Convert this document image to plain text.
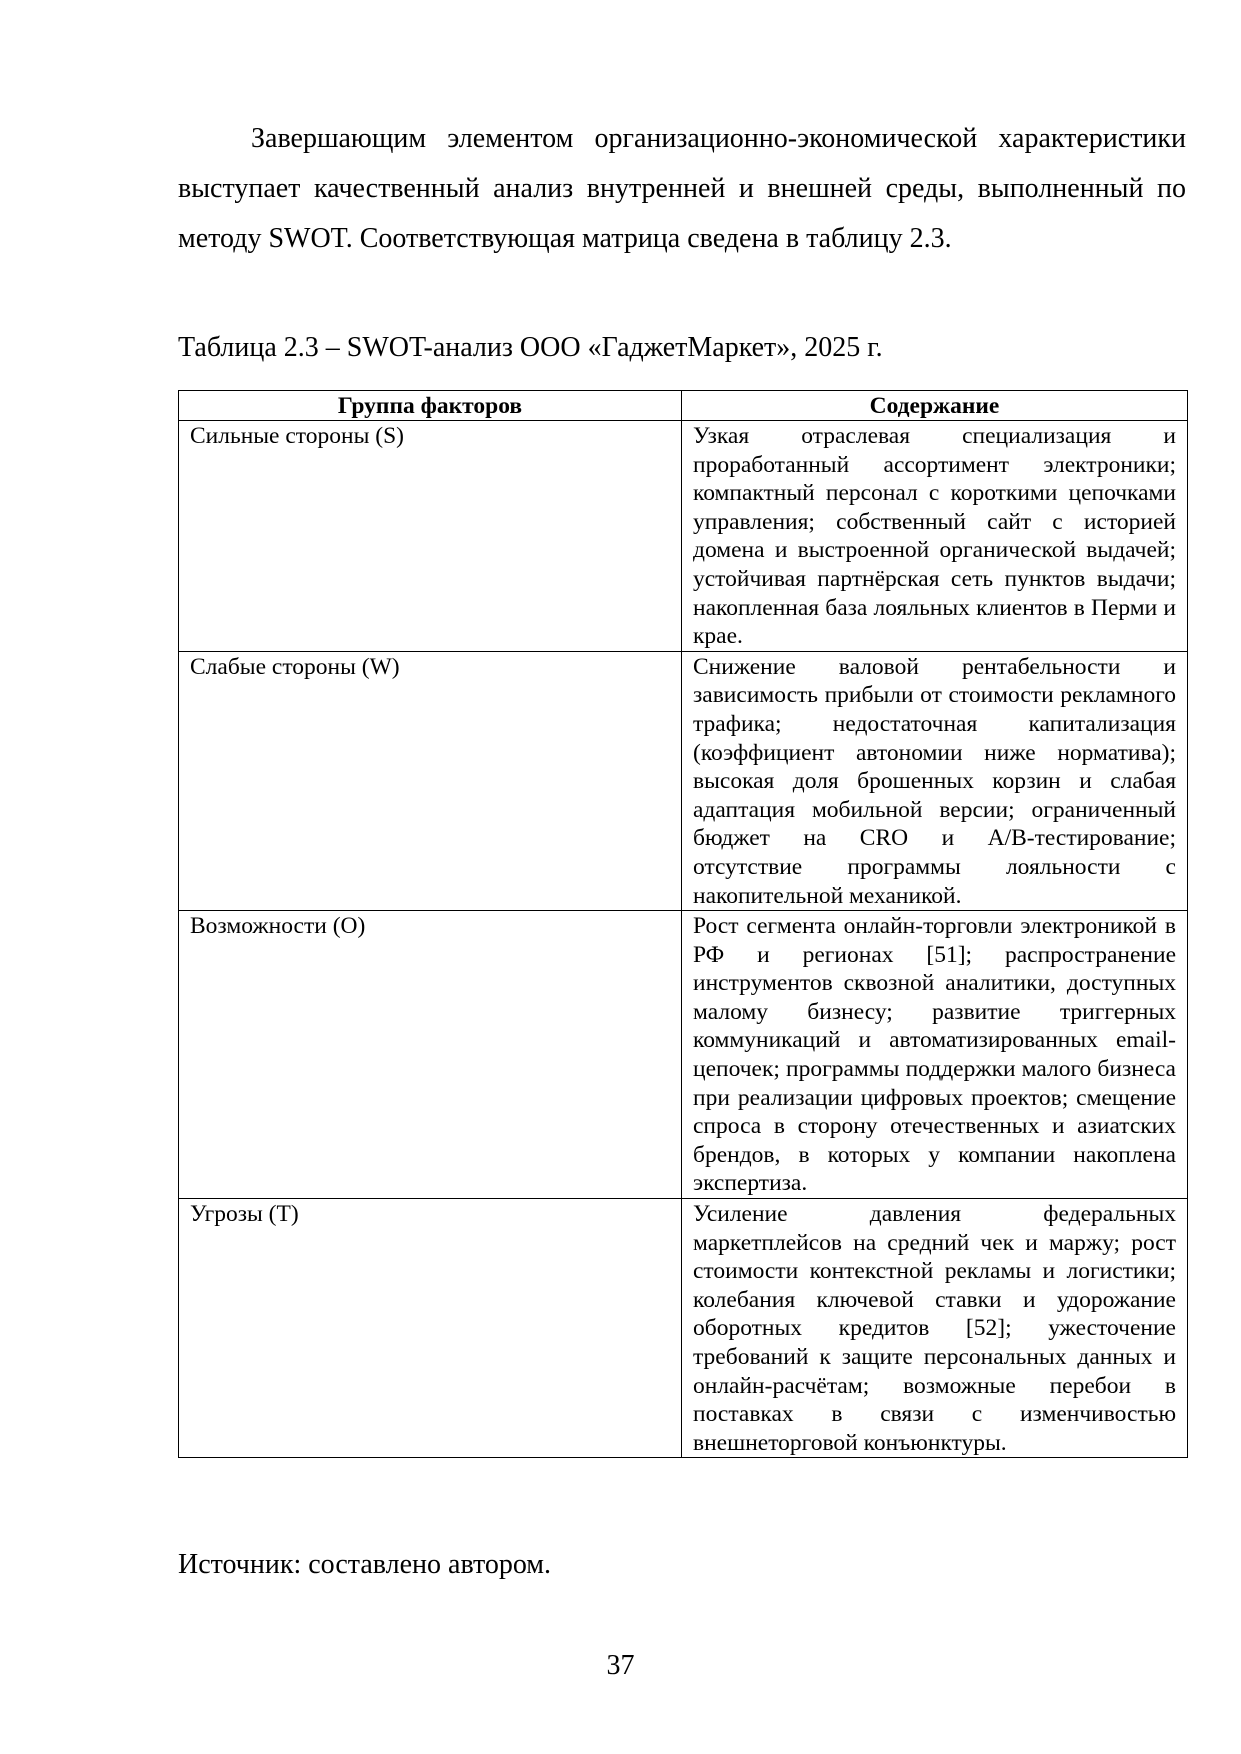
Завершающим элементом организационно-экономической характеристики выступает качественный анализ внутренней и внешней среды, выполненный по методу SWOT. Соответствующая матрица сведена в таблицу 2.3.

Таблица 2.3 – SWOT-анализ ООО «ГаджетМаркет», 2025 г.

Группа факторов	Содержание
Сильные стороны (S)	Узкая отраслевая специализация и проработанный ассортимент электроники; компактный персонал с короткими цепочками управления; собственный сайт с историей домена и выстроенной органической выдачей; устойчивая партнёрская сеть пунктов выдачи; накопленная база лояльных клиентов в Перми и крае.
Слабые стороны (W)	Снижение валовой рентабельности и зависимость прибыли от стоимости рекламного трафика; недостаточная капитализация (коэффициент автономии ниже норматива); высокая доля брошенных корзин и слабая адаптация мобильной версии; ограниченный бюджет на CRO и A/B-тестирование; отсутствие программы лояльности с накопительной механикой.
Возможности (O)	Рост сегмента онлайн-торговли электроникой в РФ и регионах [51]; распространение инструментов сквозной аналитики, доступных малому бизнесу; развитие триггерных коммуникаций и автоматизированных email-цепочек; программы поддержки малого бизнеса при реализации цифровых проектов; смещение спроса в сторону отечественных и азиатских брендов, в которых у компании накоплена экспертиза.
Угрозы (T)	Усиление давления федеральных маркетплейсов на средний чек и маржу; рост стоимости контекстной рекламы и логистики; колебания ключевой ставки и удорожание оборотных кредитов [52]; ужесточение требований к защите персональных данных и онлайн-расчётам; возможные перебои в поставках в связи с изменчивостью внешнеторговой конъюнктуры.

Источник: составлено автором.

37
